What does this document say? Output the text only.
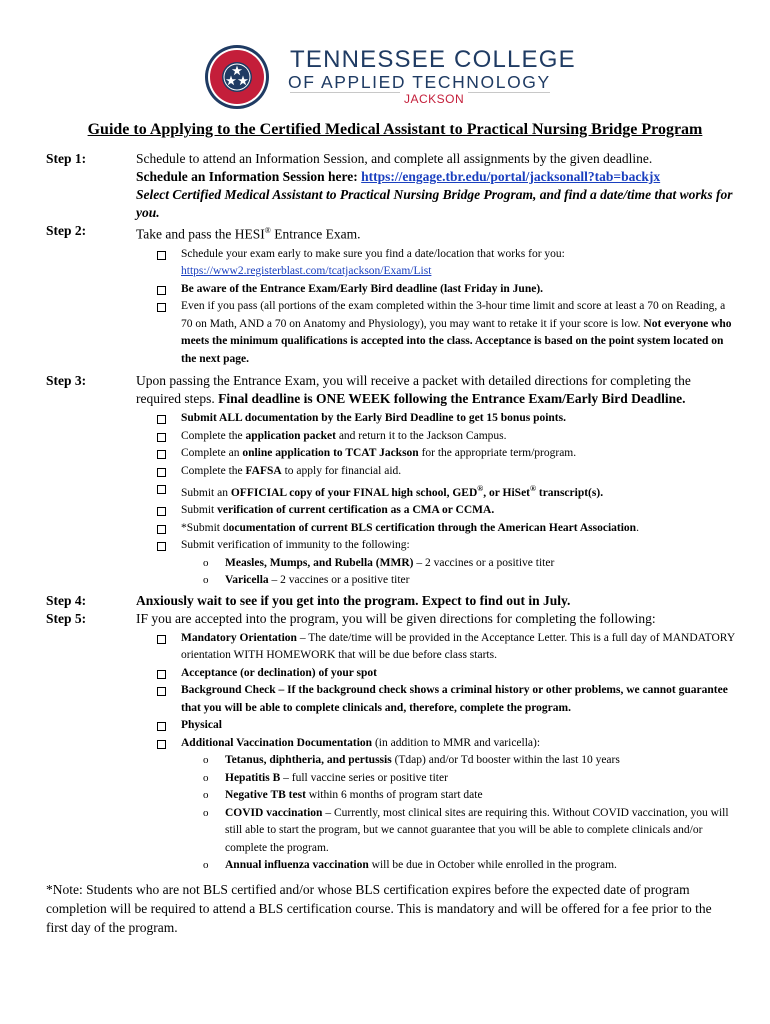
TENNESSEE COLLEGE
OF APPLIED TECHNOLOGY
JACKSON
Guide to Applying to the Certified Medical Assistant to Practical Nursing Bridge Program
Step 1:	Schedule to attend an Information Session, and complete all assignments by the given deadline.

Schedule an Information Session here: https://engage.tbr.edu/portal/jacksonall?tab=backjx

Select Certified Medical Assistant to Practical Nursing Bridge Program, and find a date/time that works for you.

Step 2:	Take and pass the HESI® Entrance Exam.

Schedule your exam early to make sure you find a date/location that works for you:
https://www2.registerblast.com/tcatjackson/Exam/List
Be aware of the Entrance Exam/Early Bird deadline (last Friday in June).
Even if you pass (all portions of the exam completed within the 3-hour time limit and score at least a 70 on Reading, a 70 on Math, AND a 70 on Anatomy and Physiology), you may want to retake it if your score is low. Not everyone who meets the minimum qualifications is accepted into the class. Acceptance is based on the point system located on the next page.
Step 3:	Upon passing the Entrance Exam, you will receive a packet with detailed directions for completing the required steps. Final deadline is ONE WEEK following the Entrance Exam/Early Bird Deadline.

Submit ALL documentation by the Early Bird Deadline to get 15 bonus points.
Complete the application packet and return it to the Jackson Campus.
Complete an online application to TCAT Jackson for the appropriate term/program.
Complete the FAFSA to apply for financial aid.
Submit an OFFICIAL copy of your FINAL high school, GED®, or HiSet® transcript(s).
Submit verification of current certification as a CMA or CCMA.
*Submit documentation of current BLS certification through the American Heart Association.
Submit verification of immunity to the following:
o Measles, Mumps, and Rubella (MMR) – 2 vaccines or a positive titer
o Varicella – 2 vaccines or a positive titer
Step 4:	Anxiously wait to see if you get into the program. Expect to find out in July.

Step 5:	IF you are accepted into the program, you will be given directions for completing the following:

Mandatory Orientation – The date/time will be provided in the Acceptance Letter. This is a full day of MANDATORY orientation WITH HOMEWORK that will be due before class starts.
Acceptance (or declination) of your spot
Background Check – If the background check shows a criminal history or other problems, we cannot guarantee that you will be able to complete clinicals and, therefore, complete the program.
Physical
Additional Vaccination Documentation (in addition to MMR and varicella):
o Tetanus, diphtheria, and pertussis (Tdap) and/or Td booster within the last 10 years
o Hepatitis B – full vaccine series or positive titer
o Negative TB test within 6 months of program start date
o COVID vaccination – Currently, most clinical sites are requiring this. Without COVID vaccination, you will still able to start the program, but we cannot guarantee that you will be able to complete clinicals and/or complete the program.
o Annual influenza vaccination will be due in October while enrolled in the program.
*Note: Students who are not BLS certified and/or whose BLS certification expires before the expected date of program completion will be required to attend a BLS certification course. This is mandatory and will be offered for a fee prior to the first day of the program.
